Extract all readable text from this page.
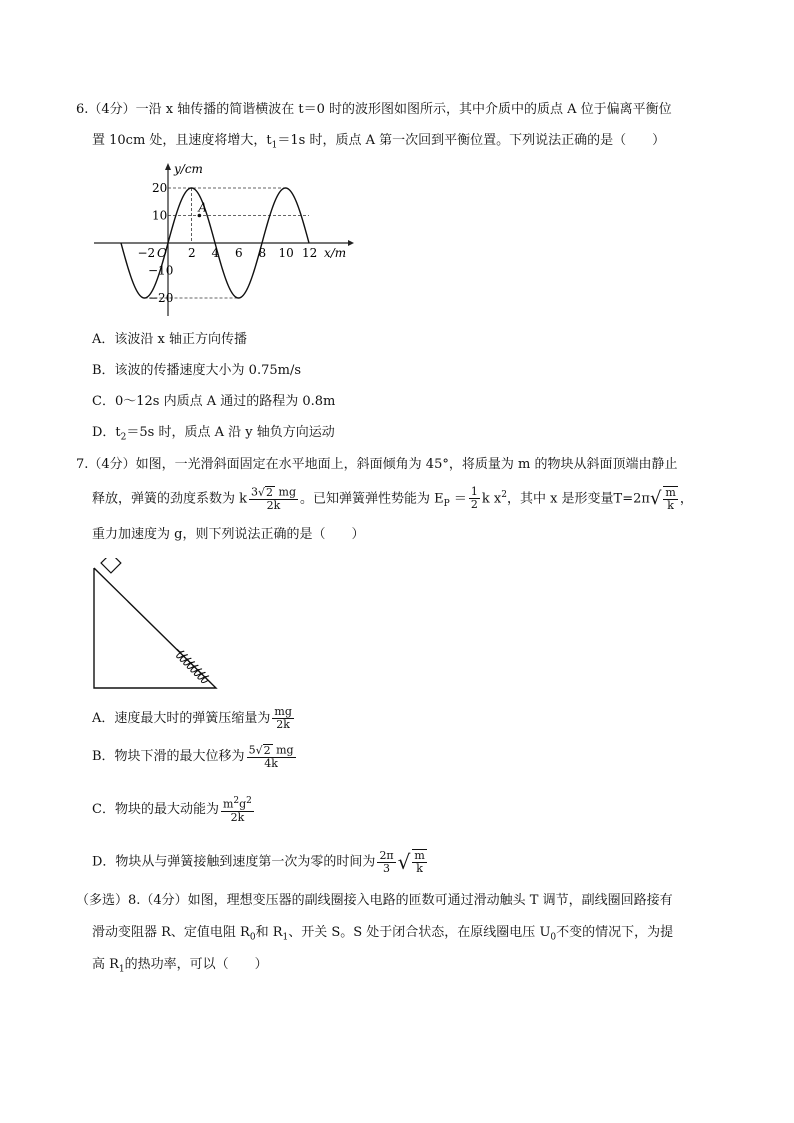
6.（4分）一沿 x 轴传播的简谐横波在 t＝0 时的波形图如图所示，其中介质中的质点 A 位于偏离平衡位
置 10cm 处，且速度将增大，$t_1=1s$ 时，质点 A 第一次回到平衡位置。下列说法正确的是（　　）
y/cm
x/m
O
A
−2	2 4 6 8 10 12
20
10
−10
−20
A．该波沿 x 轴正方向传播
B．该波的传播速度大小为 0.75m/s
C．0～12s 内质点 A 通过的路程为 0.8m
D．$t_2=5s$ 时，质点 A 沿 y 轴负方向运动
7.（4分）如图，一光滑斜面固定在水平地面上，斜面倾角为 45°，将质量为 m 的物块从斜面顶端由静止
释放，弹簧的劲度系数为 k $\frac{3√2 mg}{2k}$ 。已知弹簧弹性势能为 $E_P = \frac{1}{2}$ k $x^2$，其中 x 是形变量$T=2\pi√ \frac{m}{k}$ ，
重力加速度为 g，则下列说法正确的是（　　）
A．速度最大时的弹簧压缩量为 $\frac{mg}{2k}$
B．物块下滑的最大位移为 $\frac{5√2 mg}{4k}$
C．物块的最大动能为 $\frac{m^2g^2}{2k}$
D．物块从与弹簧接触到速度第一次为零的时间为 $\frac{2\pi}{3}$ √ $\frac{m}{k}$
（多选）8.（4分）如图，理想变压器的副线圈接入电路的匝数可通过滑动触头 T 调节，副线圈回路接有
滑动变阻器 R、定值电阻 $R_0$和 $R_1$、开关 S。S 处于闭合状态，在原线圈电压 $U_0$不变的情况下，为提
高 $R_1$的热功率，可以（　　）
